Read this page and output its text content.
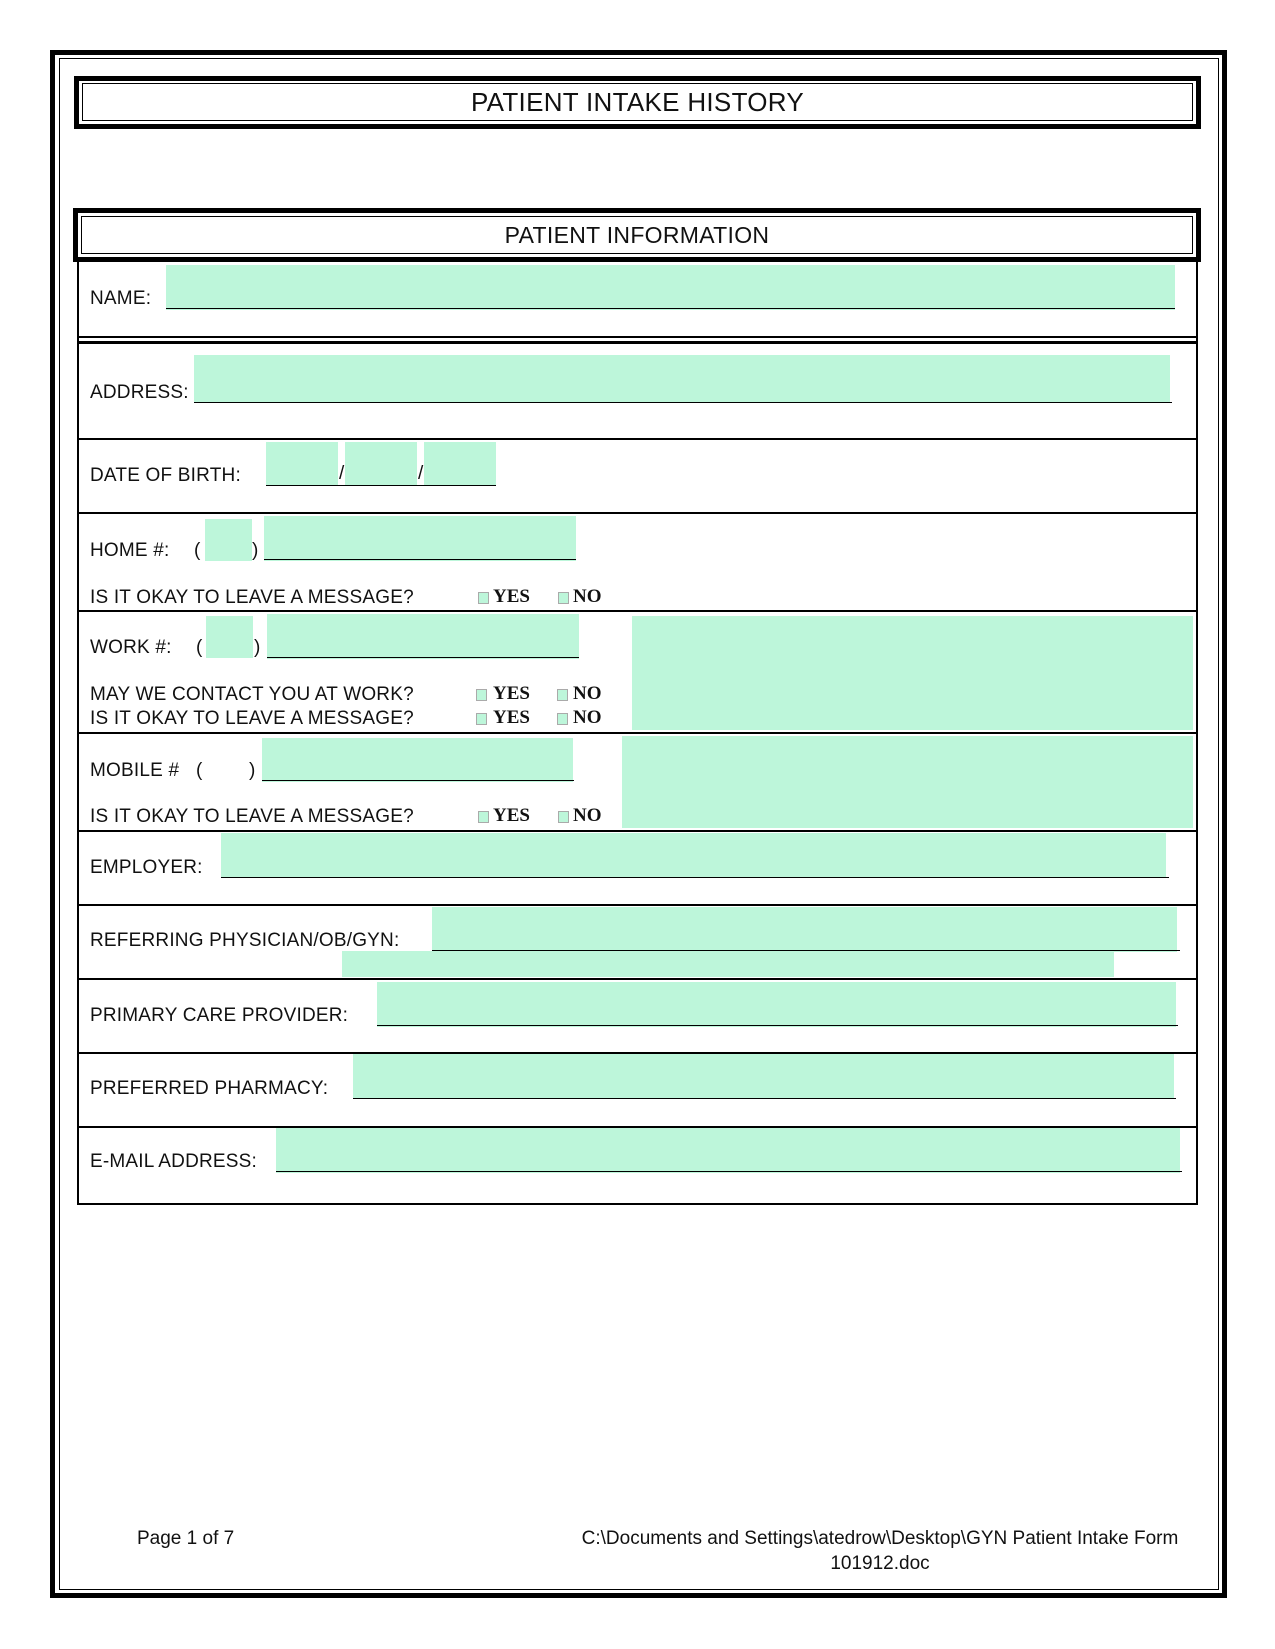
PATIENT INTAKE HISTORY
PATIENT INFORMATION
NAME:
ADDRESS:
DATE OF BIRTH:	/	/
HOME #: (	)
IS IT OKAY TO LEAVE A MESSAGE?	YES NO
WORK #: (	)
MAY WE CONTACT YOU AT WORK?	YES NO
IS IT OKAY TO LEAVE A MESSAGE?	YES NO
MOBILE # ( )
IS IT OKAY TO LEAVE A MESSAGE?	YES NO
EMPLOYER:
REFERRING PHYSICIAN/OB/GYN:
PRIMARY CARE PROVIDER:
PREFERRED PHARMACY:
E-MAIL ADDRESS:
Page 1 of 7	C:\Documents and Settings\atedrow\Desktop\GYN Patient Intake Form
101912.doc
